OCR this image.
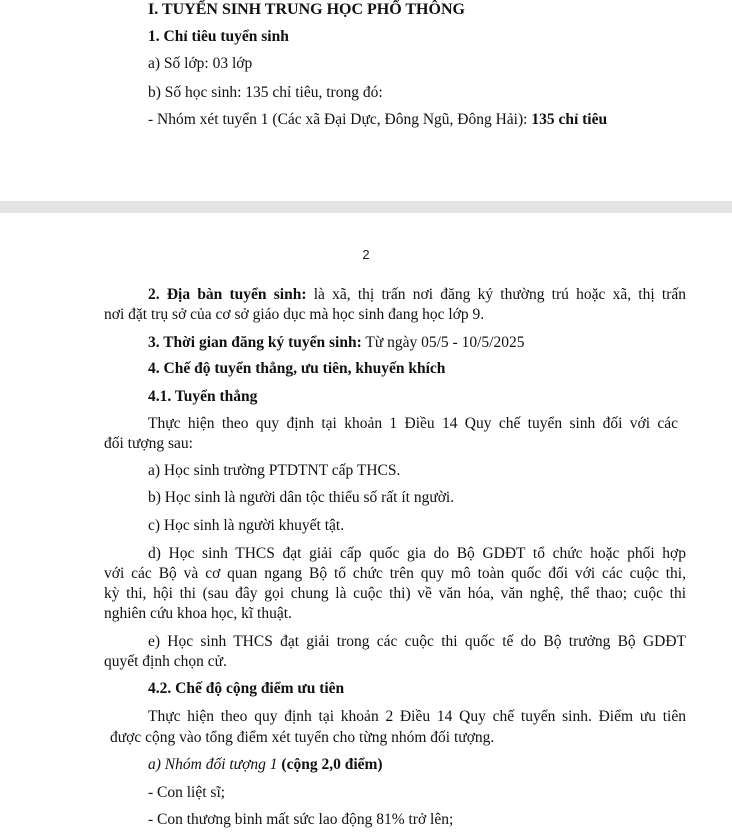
I. TUYỂN SINH TRUNG HỌC PHỔ THÔNG
1. Chỉ tiêu tuyển sinh
a) Số lớp: 03 lớp
b) Số học sinh: 135 chỉ tiêu, trong đó:
- Nhóm xét tuyển 1 (Các xã Đại Dực, Đông Ngũ, Đông Hải): 135 chỉ tiêu
2
2. Địa bàn tuyển sinh: là xã, thị trấn nơi đăng ký thường trú hoặc xã, thị trấn
nơi đặt trụ sở của cơ sở giáo dục mà học sinh đang học lớp 9.
3. Thời gian đăng ký tuyển sinh: Từ ngày 05/5 - 10/5/2025
4. Chế độ tuyển thẳng, ưu tiên, khuyến khích
4.1. Tuyển thẳng
Thực hiện theo quy định tại khoản 1 Điều 14 Quy chế tuyển sinh đối với các
đối tượng sau:
a) Học sinh trường PTDTNT cấp THCS.
b) Học sinh là người dân tộc thiểu số rất ít người.
c) Học sinh là người khuyết tật.
d) Học sinh THCS đạt giải cấp quốc gia do Bộ GDĐT tổ chức hoặc phối hợp
với các Bộ và cơ quan ngang Bộ tổ chức trên quy mô toàn quốc đối với các cuộc thi,
kỳ thi, hội thi (sau đây gọi chung là cuộc thi) về văn hóa, văn nghệ, thể thao; cuộc thi
nghiên cứu khoa học, kĩ thuật.
e) Học sinh THCS đạt giải trong các cuộc thi quốc tế do Bộ trưởng Bộ GDĐT
quyết định chọn cử.
4.2. Chế độ cộng điểm ưu tiên
Thực hiện theo quy định tại khoản 2 Điều 14 Quy chế tuyển sinh. Điểm ưu tiên
được cộng vào tổng điểm xét tuyển cho từng nhóm đối tượng.
a) Nhóm đối tượng 1 (cộng 2,0 điểm)
- Con liệt sĩ;
- Con thương binh mất sức lao động 81% trở lên;
